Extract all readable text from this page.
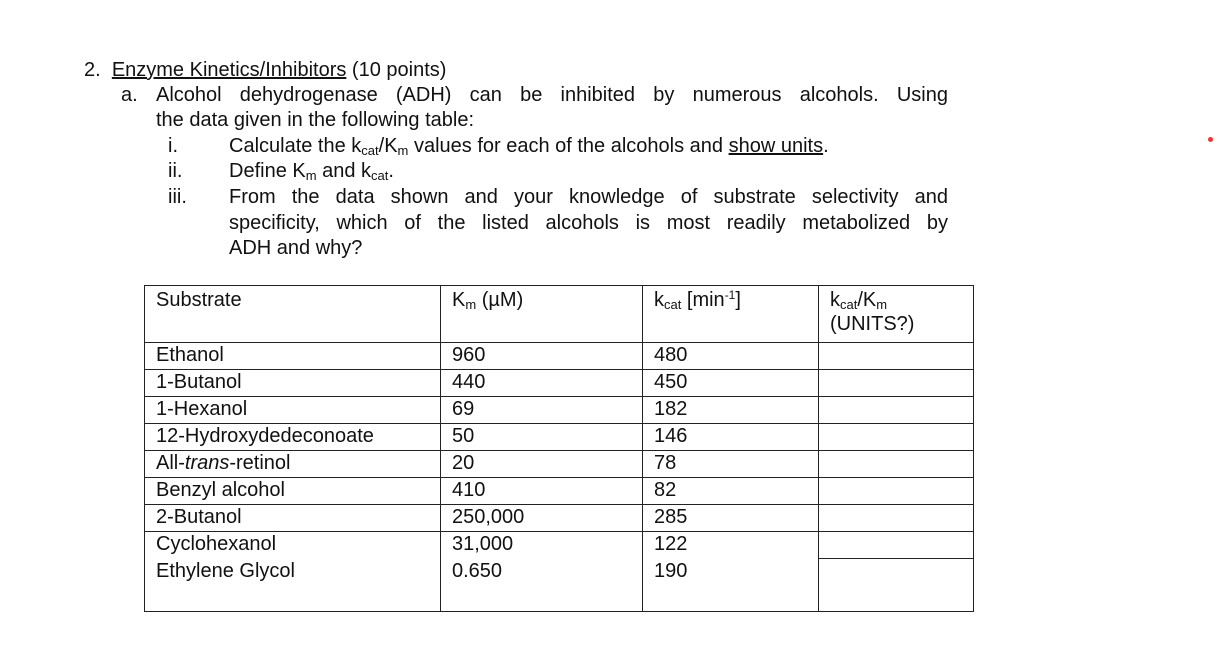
2. Enzyme Kinetics/Inhibitors (10 points)
a. Alcohol dehydrogenase (ADH) can be inhibited by numerous alcohols. Using
the data given in the following table:
i.	Calculate the $k_{cat}/K_m$ values for each of the alcohols and show units.
ii. Define $K_m$ and $k_{cat}$.
iii. From the data shown and your knowledge of substrate selectivity and
specificity, which of the listed alcohols is most readily metabolized by
ADH and why?
Substrate	$K_m$ (µM)	$k_{cat}$ $[\min^{-1}]$	$k_{cat}/K_m$
(UNITS?)
Ethanol	960	480	
1-Butanol	440	450	
1-Hexanol	69	182	
12-Hydroxydedeconoate	50	146	
All-trans-retinol	20	78	
Benzyl alcohol	410	82	
2-Butanol	250,000	285	
Cyclohexanol	31,000	122	
Ethylene Glycol	0.650	190	
